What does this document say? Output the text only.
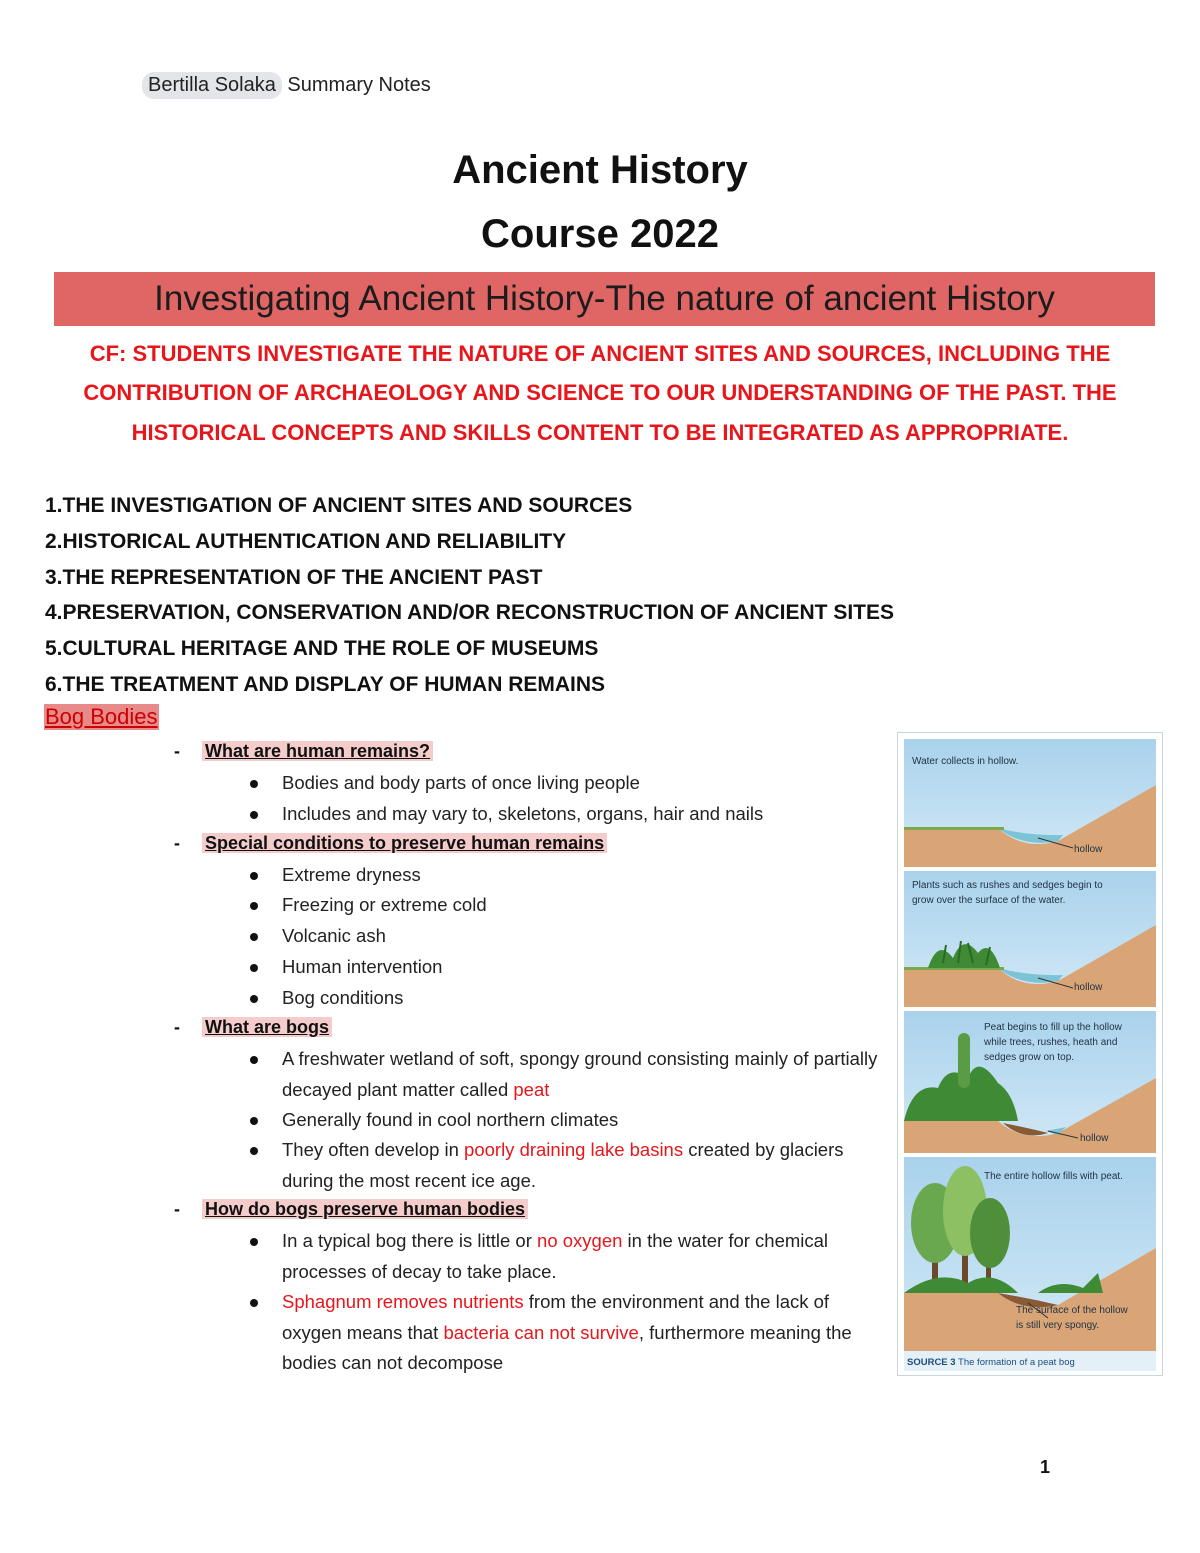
Bertilla Solaka Summary Notes
Ancient History
Course 2022
Investigating Ancient History-The nature of ancient History
CF: STUDENTS INVESTIGATE THE NATURE OF ANCIENT SITES AND SOURCES, INCLUDING THE CONTRIBUTION OF ARCHAEOLOGY AND SCIENCE TO OUR UNDERSTANDING OF THE PAST. THE HISTORICAL CONCEPTS AND SKILLS CONTENT TO BE INTEGRATED AS APPROPRIATE.
1.THE INVESTIGATION OF ANCIENT SITES AND SOURCES
2.HISTORICAL AUTHENTICATION AND RELIABILITY
3.THE REPRESENTATION OF THE ANCIENT PAST
4.PRESERVATION, CONSERVATION AND/OR RECONSTRUCTION OF ANCIENT SITES
5.CULTURAL HERITAGE AND THE ROLE OF MUSEUMS
6.THE TREATMENT AND DISPLAY OF HUMAN REMAINS
Bog Bodies
- What are human remains?
Bodies and body parts of once living people
Includes and may vary to, skeletons, organs, hair and nails
- Special conditions to preserve human remains
Extreme dryness
Freezing or extreme cold
Volcanic ash
Human intervention
Bog conditions
- What are bogs
A freshwater wetland of soft, spongy ground consisting mainly of partially decayed plant matter called peat
Generally found in cool northern climates
They often develop in poorly draining lake basins created by glaciers during the most recent ice age.
- How do bogs preserve human bodies
In a typical bog there is little or no oxygen in the water for chemical processes of decay to take place.
Sphagnum removes nutrients from the environment and the lack of oxygen means that bacteria can not survive, furthermore meaning the bodies can not decompose
Water collects in hollow.
hollow
Plants such as rushes and sedges begin to
grow over the surface of the water.
hollow
Peat begins to fill up the hollow
while trees, rushes, heath and
sedges grow on top.
hollow
The entire hollow fills with peat.
The surface of the hollow
is still very spongy.
SOURCE 3 The formation of a peat bog
1
